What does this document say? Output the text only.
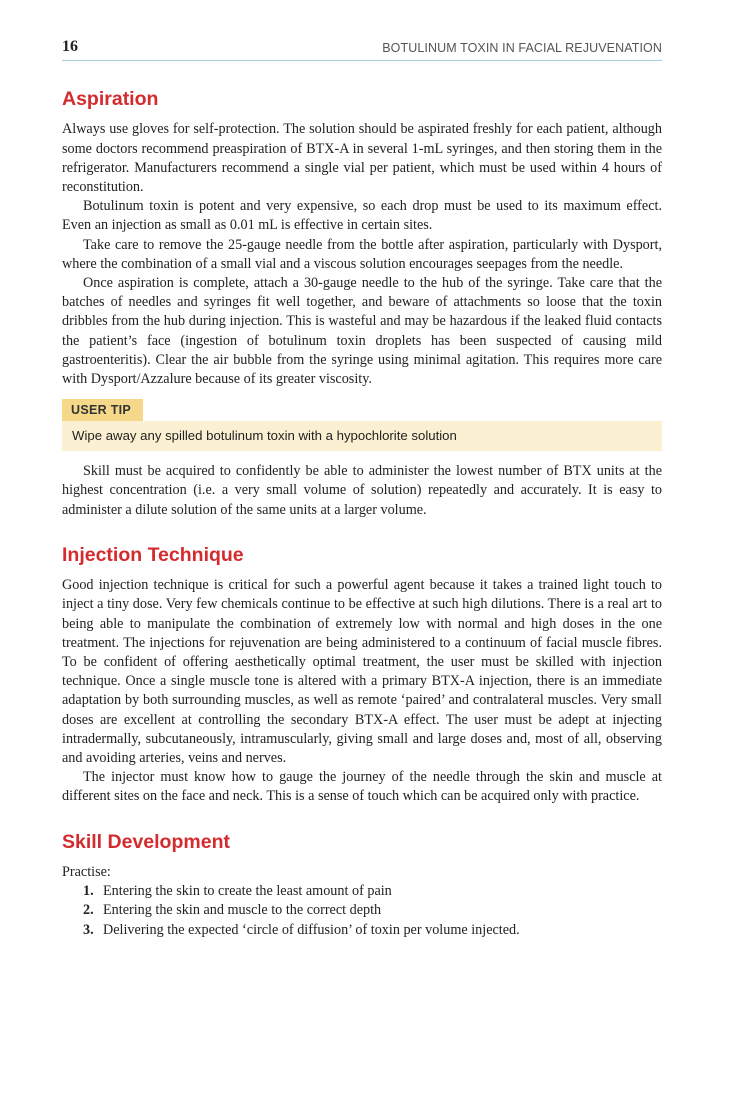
16	BOTULINUM TOXIN IN FACIAL REJUVENATION
Aspiration

Always use gloves for self-protection. The solution should be aspirated freshly for each patient, although some doctors recommend preaspiration of BTX-A in several 1-mL syringes, and then storing them in the refrigerator. Manufacturers recommend a single vial per patient, which must be used within 4 hours of reconstitution.

Botulinum toxin is potent and very expensive, so each drop must be used to its maximum effect. Even an injection as small as 0.01 mL is effective in certain sites.

Take care to remove the 25-gauge needle from the bottle after aspiration, particularly with Dysport, where the combination of a small vial and a viscous solution encourages seepages from the needle.

Once aspiration is complete, attach a 30-gauge needle to the hub of the syringe. Take care that the batches of needles and syringes fit well together, and beware of attachments so loose that the toxin dribbles from the hub during injection. This is wasteful and may be hazardous if the leaked fluid contacts the patient’s face (ingestion of botulinum toxin droplets has been suspected of causing mild gastroenteritis). Clear the air bubble from the syringe using minimal agitation. This requires more care with Dysport/Azzalure because of its greater viscosity.

USER TIP
Wipe away any spilled botulinum toxin with a hypochlorite solution

Skill must be acquired to confidently be able to administer the lowest number of BTX units at the highest concentration (i.e. a very small volume of solution) repeatedly and accurately. It is easy to administer a dilute solution of the same units at a larger volume.

Injection Technique

Good injection technique is critical for such a powerful agent because it takes a trained light touch to inject a tiny dose. Very few chemicals continue to be effective at such high dilutions. There is a real art to being able to manipulate the combination of extremely low with normal and high doses in the one treatment. The injections for rejuvenation are being administered to a continuum of facial muscle fibres. To be confident of offering aesthetically optimal treatment, the user must be skilled with injection technique. Once a single muscle tone is altered with a primary BTX-A injection, there is an immediate adaptation by both surrounding muscles, as well as remote ‘paired’ and contralateral muscles. Very small doses are excellent at controlling the secondary BTX-A effect. The user must be adept at injecting intradermally, subcutaneously, intramuscularly, giving small and large doses and, most of all, observing and avoiding arteries, veins and nerves.

The injector must know how to gauge the journey of the needle through the skin and muscle at different sites on the face and neck. This is a sense of touch which can be acquired only with practice.

Skill Development

Practise:

1. Entering the skin to create the least amount of pain
2. Entering the skin and muscle to the correct depth
3. Delivering the expected ‘circle of diffusion’ of toxin per volume injected.
